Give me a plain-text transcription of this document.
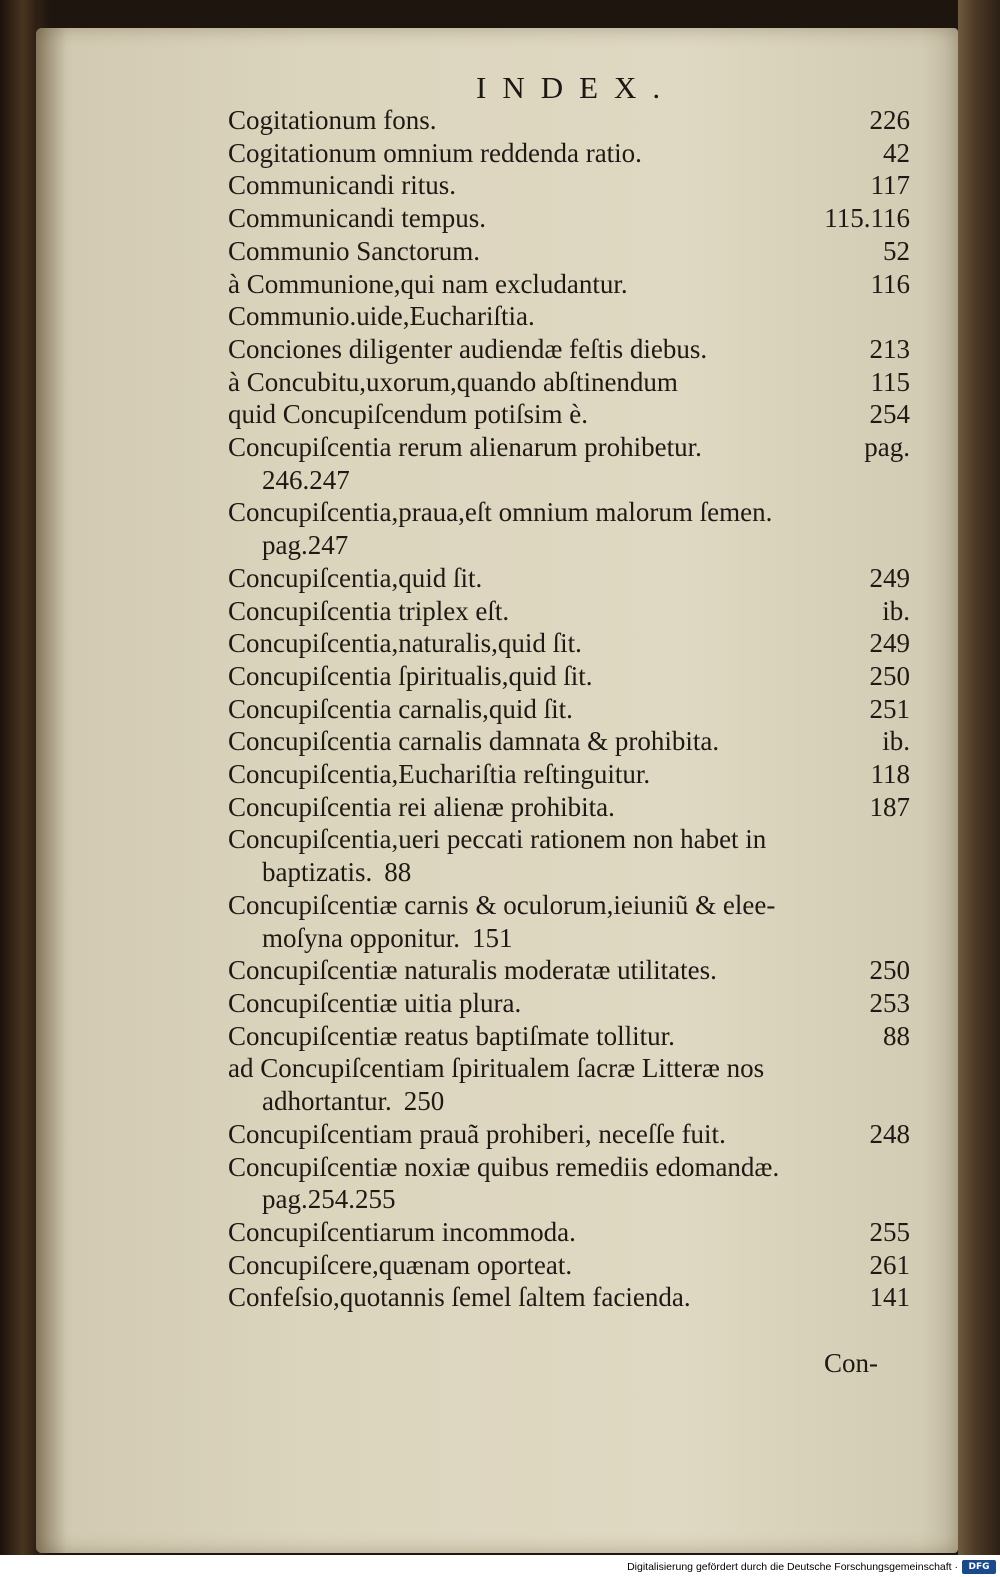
INDEX.
Cogitationum fons.	226
Cogitationum omnium reddenda ratio.	42
Communicandi ritus.	117
Communicandi tempus.	115.116
Communio Sanctorum.	52
à Communione,qui nam excludantur.	116
Communio.uide,Euchariſtia.
Conciones diligenter audiendæ feſtis diebus.	213
à Concubitu,uxorum,quando abſtinendum	115
quid Concupiſcendum potiſsim è.	254
Concupiſcentia rerum alienarum prohibetur.	pag.
246.247
Concupiſcentia,praua,eſt omnium malorum ſemen.
pag.247
Concupiſcentia,quid ſit.	249
Concupiſcentia triplex eſt.	ib.
Concupiſcentia,naturalis,quid ſit.	249
Concupiſcentia ſpiritualis,quid ſit.	250
Concupiſcentia carnalis,quid ſit.	251
Concupiſcentia carnalis damnata & prohibita.	ib.
Concupiſcentia,Euchariſtia reſtinguitur.	118
Concupiſcentia rei alienæ prohibita.	187
Concupiſcentia,ueri peccati rationem non habet in
baptizatis. 88
Concupiſcentiæ carnis & oculorum,ieiuniũ & elee-
moſyna opponitur. 151
Concupiſcentiæ naturalis moderatæ utilitates.	250
Concupiſcentiæ uitia plura.	253
Concupiſcentiæ reatus baptiſmate tollitur.	88
ad Concupiſcentiam ſpiritualem ſacræ Litteræ nos
adhortantur. 250
Concupiſcentiam prauã prohiberi, neceſſe fuit.	248
Concupiſcentiæ noxiæ quibus remediis edomandæ.
pag.254.255
Concupiſcentiarum incommoda.	255
Concupiſcere,quænam oporteat.	261
Confeſsio,quotannis ſemel ſaltem facienda.	141
Con-
Digitalisierung gefördert durch die Deutsche Forschungsgemeinschaft ·	DFG
